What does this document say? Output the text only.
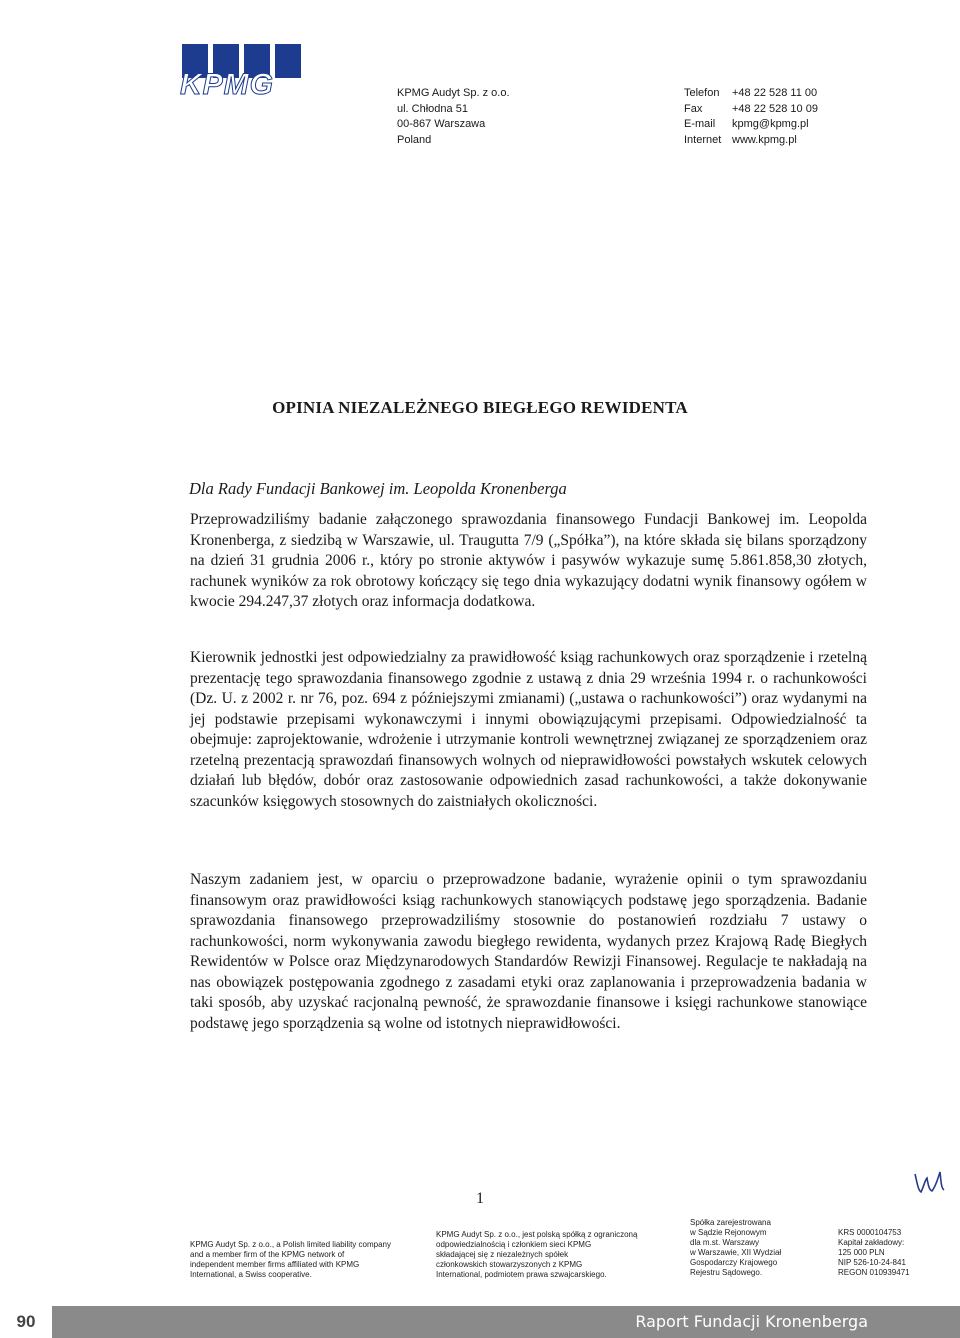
KPMG	KPMG Audyt Sp. z o.o.
ul. Chłodna 51
00-867 Warszawa
Poland
Telefon +48 22 528 11 00
Fax	+48 22 528 10 09
E-mail kpmg@kpmg.pl
Internet www.kpmg.pl
OPINIA NIEZALEŻNEGO BIEGŁEGO REWIDENTA
Dla Rady Fundacji Bankowej im. Leopolda Kronenberga
Przeprowadziliśmy badanie załączonego sprawozdania finansowego Fundacji Bankowej im. Leopolda Kronenberga, z siedzibą w Warszawie, ul. Traugutta 7/9 („Spółka”), na które składa się bilans sporządzony na dzień 31 grudnia 2006 r., który po stronie aktywów i pasywów wykazuje sumę 5.861.858,30 złotych, rachunek wyników za rok obrotowy kończący się tego dnia wykazujący dodatni wynik finansowy ogółem w kwocie 294.247,37 złotych oraz informacja dodatkowa.
Kierownik jednostki jest odpowiedzialny za prawidłowość ksiąg rachunkowych oraz sporządzenie i rzetelną prezentację tego sprawozdania finansowego zgodnie z ustawą z dnia 29 września 1994 r. o rachunkowości (Dz. U. z 2002 r. nr 76, poz. 694 z późniejszymi zmianami) („ustawa o rachunkowości”) oraz wydanymi na jej podstawie przepisami wykonawczymi i innymi obowiązującymi przepisami. Odpowiedzialność ta obejmuje: zaprojektowanie, wdrożenie i utrzymanie kontroli wewnętrznej związanej ze sporządzeniem oraz rzetelną prezentacją sprawozdań finansowych wolnych od nieprawidłowości powstałych wskutek celowych działań lub błędów, dobór oraz zastosowanie odpowiednich zasad rachunkowości, a także dokonywanie szacunków księgowych stosownych do zaistniałych okoliczności.
Naszym zadaniem jest, w oparciu o przeprowadzone badanie, wyrażenie opinii o tym sprawozdaniu finansowym oraz prawidłowości ksiąg rachunkowych stanowiących podstawę jego sporządzenia. Badanie sprawozdania finansowego przeprowadziliśmy stosownie do postanowień rozdziału 7 ustawy o rachunkowości, norm wykonywania zawodu biegłego rewidenta, wydanych przez Krajową Radę Biegłych Rewidentów w Polsce oraz Międzynarodowych Standardów Rewizji Finansowej. Regulacje te nakładają na nas obowiązek postępowania zgodnego z zasadami etyki oraz zaplanowania i przeprowadzenia badania w taki sposób, aby uzyskać racjonalną pewność, że sprawozdanie finansowe i księgi rachunkowe stanowiące podstawę jego sporządzenia są wolne od istotnych nieprawidłowości.
1
KPMG Audyt Sp. z o.o., a Polish limited liability company
and a member firm of the KPMG network of
independent member firms affiliated with KPMG
International, a Swiss cooperative.
KPMG Audyt Sp. z o.o., jest polską spółką z ograniczoną
odpowiedzialnością i członkiem sieci KPMG
składającej się z niezależnych spółek
członkowskich stowarzyszonych z KPMG
International, podmiotem prawa szwajcarskiego.
Spółka zarejestrowana
w Sądzie Rejonowym
dla m.st. Warszawy
w Warszawie, XII Wydział
Gospodarczy Krajowego
Rejestru Sądowego.
KRS 0000104753
Kapitał zakładowy:
125 000 PLN
NIP 526-10-24-841
REGON 010939471
90	Raport Fundacji Kronenberga
